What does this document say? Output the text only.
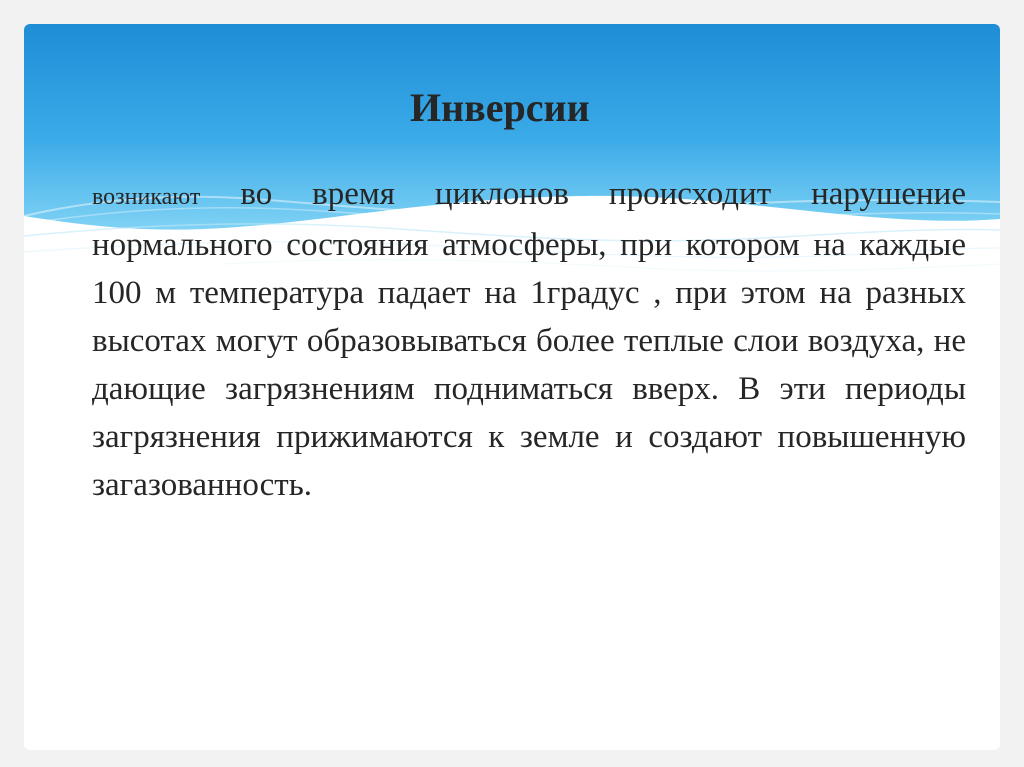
Инверсии

возникают во время циклонов происходит нарушение нормального состояния атмосферы, при котором на каждые 100 м температура падает на 1градус , при этом на разных высотах могут образовываться более теплые слои воздуха, не дающие загрязнениям подниматься вверх. В эти периоды загрязнения прижимаются к земле и создают повышенную загазованность.
